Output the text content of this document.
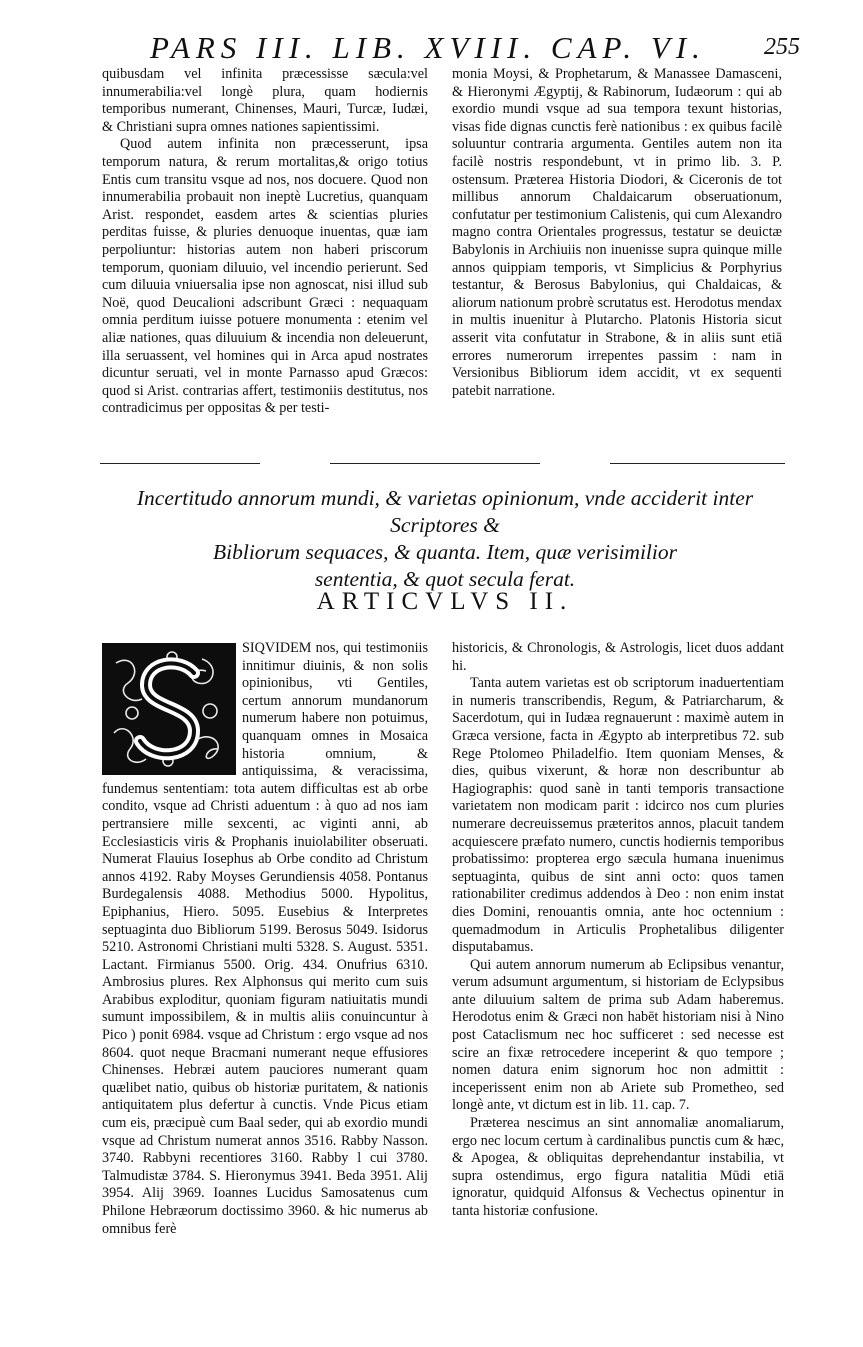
PARS III. LIB. XVIII. CAP. VI. 255

quibusdam vel infinita præcessisse sæcula:vel innumerabilia:vel longè plura, quam hodiernis temporibus numerant, Chinenses, Mauri, Turcæ, Iudæi, & Christiani supra omnes nationes sapientissimi.

Quod autem infinita non præcesserunt, ipsa temporum natura, & rerum mortalitas,& origo totius Entis cum transitu vsque ad nos, nos docuere. Quod non innumerabilia probauit non ineptè Lucretius, quanquam Arist. respondet, easdem artes & scientias pluries perditas fuisse, & pluries denuoque inuentas, quæ iam perpoliuntur: historias autem non haberi priscorum temporum, quoniam diluuio, vel incendio perierunt. Sed cum diluuia vniuersalia ipse non agnoscat, nisi illud sub Noë, quod Deucalioni adscribunt Græci : nequaquam omnia perditum iuisse potuere monumenta : etenim vel aliæ nationes, quas diluuium & incendia non deleuerunt, illa seruassent, vel homines qui in Arca apud nostrates dicuntur seruati, vel in monte Parnasso apud Græcos: quod si Arist. contrarias affert, testimoniis destitutus, nos contradicimus per oppositas & per testi-

monia Moysi, & Prophetarum, & Manassee Damasceni, & Hieronymi Ægyptij, & Rabinorum, Iudæorum : qui ab exordio mundi vsque ad sua tempora texunt historias, visas fide dignas cunctis ferè nationibus : ex quibus facilè soluuntur contraria argumenta. Gentiles autem non ita facilè nostris respondebunt, vt in primo lib. 3. P. ostensum. Præterea Historia Diodori, & Ciceronis de tot millibus annorum Chaldaicarum obseruationum, confutatur per testimonium Calistenis, qui cum Alexandro magno contra Orientales progressus, testatur se deuictæ Babylonis in Archiuiis non inuenisse supra quinque mille annos quippiam temporis, vt Simplicius & Porphyrius testantur, & Berosus Babylonius, qui Chaldaicas, & aliorum nationum probrè scrutatus est. Herodotus mendax in multis inuenitur à Plutarcho. Platonis Historia sicut asserit vita confutatur in Strabone, & in aliis sunt etiā errores numerorum irrepentes passim : nam in Versionibus Bibliorum idem accidit, vt ex sequenti patebit narratione.

Incertitudo annorum mundi, & varietas opinionum, vnde acciderit inter Scriptores &
Bibliorum sequaces, & quanta. Item, quæ verisimilior
sententia, & quot secula ferat.
ARTICVLVS II.

SIQVIDEM nos, qui testimoniis innitimur diuinis, & non solis opinionibus, vti Gentiles, certum annorum mundanorum numerum habere non potuimus, quanquam omnes in Mosaica historia omnium, & antiquissima, & veracissima, fundemus sententiam: tota autem difficultas est ab orbe condito, vsque ad Christi aduentum : à quo ad nos iam pertransiere mille sexcenti, ac viginti anni, ab Ecclesiasticis viris & Prophanis inuiolabiliter obseruati. Numerat Flauius Iosephus ab Orbe condito ad Christum annos 4192. Raby Moyses Gerundiensis 4058. Pontanus Burdegalensis 4088. Methodius 5000. Hypolitus, Epiphanius, Hiero. 5095. Eusebius & Interpretes septuaginta duo Bibliorum 5199. Berosus 5049. Isidorus 5210. Astronomi Christiani multi 5328. S. August. 5351. Lactant. Firmianus 5500. Orig. 434. Onufrius 6310. Ambrosius plures. Rex Alphonsus qui merito cum suis Arabibus exploditur, quoniam figuram natiuitatis mundi sumunt impossibilem, & in multis aliis conuincuntur à Pico ) ponit 6984. vsque ad Christum : ergo vsque ad nos 8604. quot neque Bracmani numerant neque effusiores Chinenses. Hebræi autem pauciores numerant quam quælibet natio, quibus ob historiæ puritatem, & nationis antiquitatem plus defertur à cunctis. Vnde Picus etiam cum eis, præcipuè cum Baal seder, qui ab exordio mundi vsque ad Christum numerat annos 3516. Rabby Nasson. 3740. Rabbyni recentiores 3160. Rabby l cui 3780. Talmudistæ 3784. S. Hieronymus 3941. Beda 3951. Alij 3954. Alij 3969. Ioannes Lucidus Samosatenus cum Philone Hebræorum doctissimo 3960. & hic numerus ab omnibus ferè

historicis, & Chronologis, & Astrologis, licet duos addant hi.

Tanta autem varietas est ob scriptorum inaduertentiam in numeris transcribendis, Regum, & Patriarcharum, & Sacerdotum, qui in Iudæa regnauerunt : maximè autem in Græca versione, facta in Ægypto ab interpretibus 72. sub Rege Ptolomeo Philadelfio. Item quoniam Menses, & dies, quibus vixerunt, & horæ non describuntur ab Hagiographis: quod sanè in tanti temporis transactione varietatem non modicam parit : idcirco nos cum pluries numerare decreuissemus præteritos annos, placuit tandem acquiescere præfato numero, cunctis hodiernis temporibus probatissimo: propterea ergo sæcula humana inuenimus septuaginta, quibus de sint anni octo: quos tamen rationabiliter credimus addendos à Deo : non enim instat dies Domini, renouantis omnia, ante hoc octennium : quemadmodum in Articulis Prophetalibus diligenter disputabamus.

Qui autem annorum numerum ab Eclipsibus venantur, verum adsumunt argumentum, si historiam de Eclypsibus ante diluuium saltem de prima sub Adam haberemus. Herodotus enim & Græci non habēt historiam nisi à Nino post Cataclismum nec hoc sufficeret : sed necesse est scire an fixæ retrocedere inceperint & quo tempore ; nomen datura enim signorum hoc non admittit : inceperissent enim non ab Ariete sub Prometheo, sed longè ante, vt dictum est in lib. 11. cap. 7.

Præterea nescimus an sint annomaliæ anomaliarum, ergo nec locum certum à cardinalibus punctis cum & hæc, & Apogea, & obliquitas deprehendantur instabilia, vt supra ostendimus, ergo figura natalitia Mūdi etiā ignoratur, quidquid Alfonsus & Vechectus opinentur in tanta historiæ confusione.
